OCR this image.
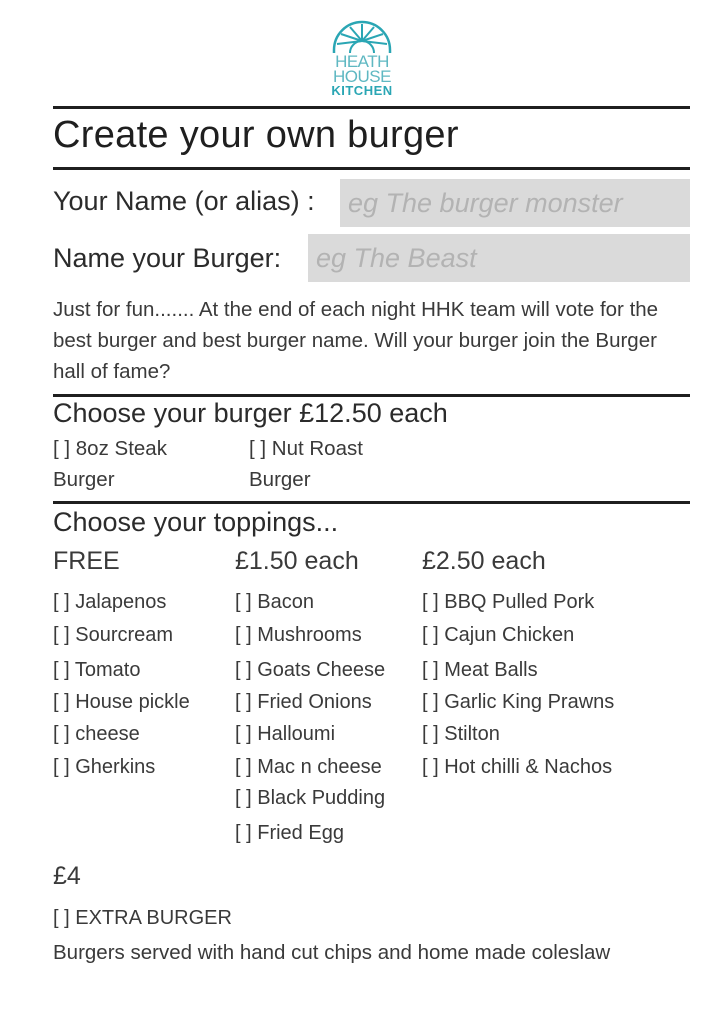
HEATH
HOUSE
KITCHEN
Create your own burger
Your Name (or alias) :
eg The burger monster
Name your Burger:
eg The Beast
Just for fun....... At the end of each night HHK team will vote for the best burger and best burger name. Will your burger join the Burger hall of fame?
Choose your burger £12.50 each
[ ] 8oz Steak Burger
[ ] Nut Roast Burger
Choose your toppings...
FREE	£1.50 each	£2.50 each
[ ] Jalapenos
[ ] Sourcream
[ ] Tomato
[ ] House pickle
[ ] cheese
[ ] Gherkins
[ ] Bacon
[ ] Mushrooms
[ ] Goats Cheese
[ ] Fried Onions
[ ] Halloumi
[ ] Mac n cheese
[ ] Black Pudding
[ ] Fried Egg
[ ] BBQ Pulled Pork
[ ] Cajun Chicken
[ ] Meat Balls
[ ] Garlic King Prawns
[ ] Stilton
[ ] Hot chilli & Nachos
£4
[ ] EXTRA BURGER
Burgers served with hand cut chips and home made coleslaw
